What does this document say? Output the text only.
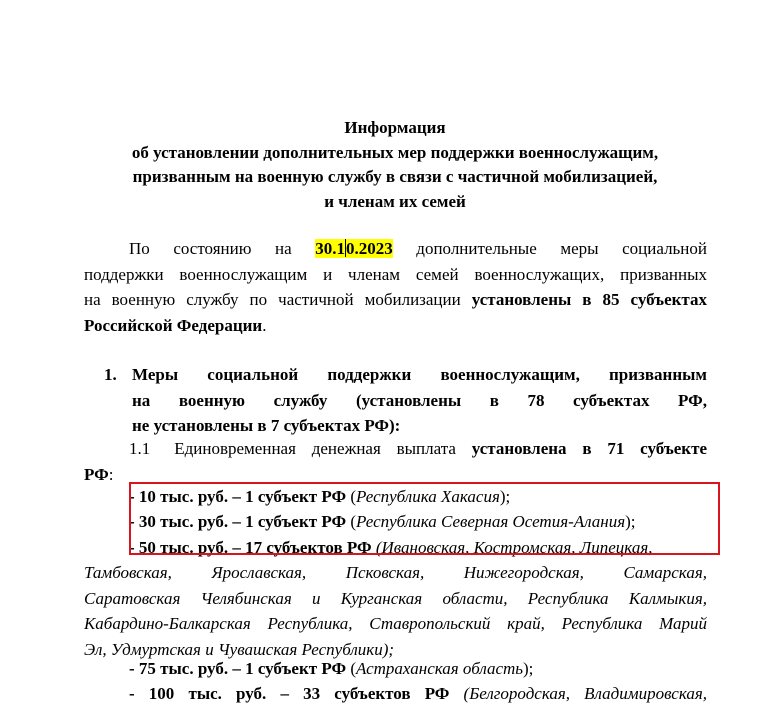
Информация
об установлении дополнительных мер поддержки военнослужащим,
призванным на военную службу в связи с частичной мобилизацией,
и членам их семей
По состоянию на 30.10.2023 дополнительные меры социальной
поддержки военнослужащим и членам семей военнослужащих, призванных
на военную службу по частичной мобилизации установлены в 85 субъектах
Российской Федерации.
1. Меры социальной поддержки военнослужащим, призванным
на военную службу (установлены в 78 субъектах РФ,
не установлены в 7 субъектах РФ):
1.1 Единовременная денежная выплата установлена в 71 субъекте
РФ:
- 10 тыс. руб. – 1 субъект РФ (Республика Хакасия);
- 30 тыс. руб. – 1 субъект РФ (Республика Северная Осетия-Алания);
- 50 тыс. руб. – 17 субъектов РФ (Ивановская, Костромская, Липецкая,
Тамбовская, Ярославская, Псковская, Нижегородская, Самарская,
Саратовская Челябинская и Курганская области, Республика Калмыкия,
Кабардино-Балкарская Республика, Ставропольский край, Республика Марий
Эл, Удмуртская и Чувашская Республики);
- 75 тыс. руб. – 1 субъект РФ (Астраханская область);
- 100 тыс. руб. – 33 субъектов РФ (Белгородская, Владимировская,
